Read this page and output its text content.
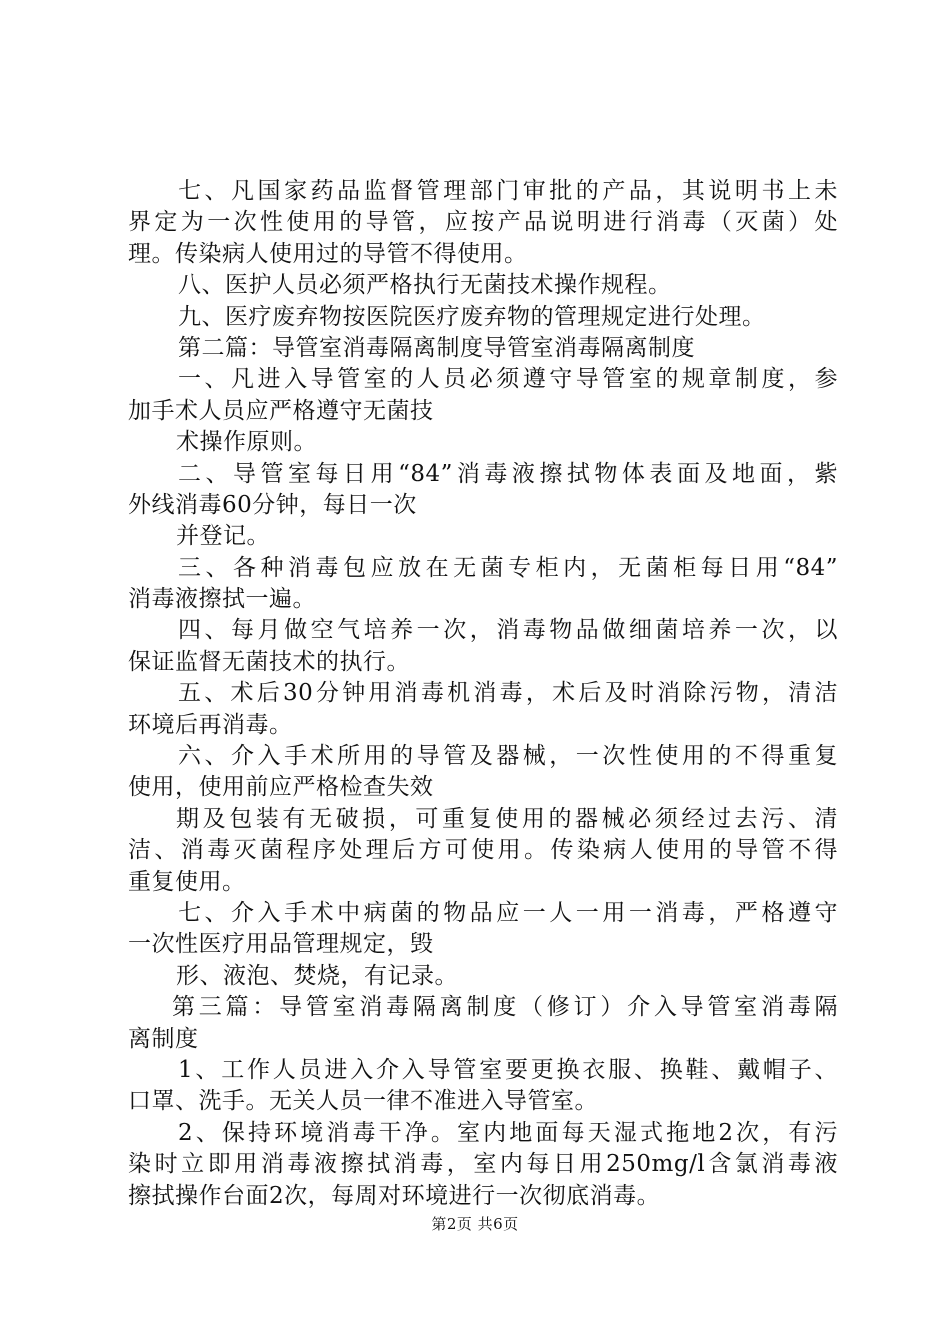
七、凡国家药品监督管理部门审批的产品，其说明书上未
界定为一次性使用的导管，应按产品说明进行消毒（灭菌）处
理。传染病人使用过的导管不得使用。
八、医护人员必须严格执行无菌技术操作规程。
九、医疗废弃物按医院医疗废弃物的管理规定进行处理。
第二篇：导管室消毒隔离制度导管室消毒隔离制度
一、凡进入导管室的人员必须遵守导管室的规章制度，参
加手术人员应严格遵守无菌技
术操作原则。
二、导管室每日用“84”消毒液擦拭物体表面及地面，紫
外线消毒60分钟，每日一次
并登记。
三、各种消毒包应放在无菌专柜内，无菌柜每日用“84”
消毒液擦拭一遍。
四、每月做空气培养一次，消毒物品做细菌培养一次，以
保证监督无菌技术的执行。
五、术后30分钟用消毒机消毒，术后及时消除污物，清洁
环境后再消毒。
六、介入手术所用的导管及器械，一次性使用的不得重复
使用，使用前应严格检查失效
期及包装有无破损，可重复使用的器械必须经过去污、清
洁、消毒灭菌程序处理后方可使用。传染病人使用的导管不得
重复使用。
七、介入手术中病菌的物品应一人一用一消毒，严格遵守
一次性医疗用品管理规定，毁
形、液泡、焚烧，有记录。
第三篇：导管室消毒隔离制度（修订）介入导管室消毒隔
离制度
1、工作人员进入介入导管室要更换衣服、换鞋、戴帽子、
口罩、洗手。无关人员一律不准进入导管室。
2、保持环境消毒干净。室内地面每天湿式拖地2次，有污
染时立即用消毒液擦拭消毒，室内每日用250mg/l含氯消毒液
擦拭操作台面2次，每周对环境进行一次彻底消毒。
第2页 共6页
